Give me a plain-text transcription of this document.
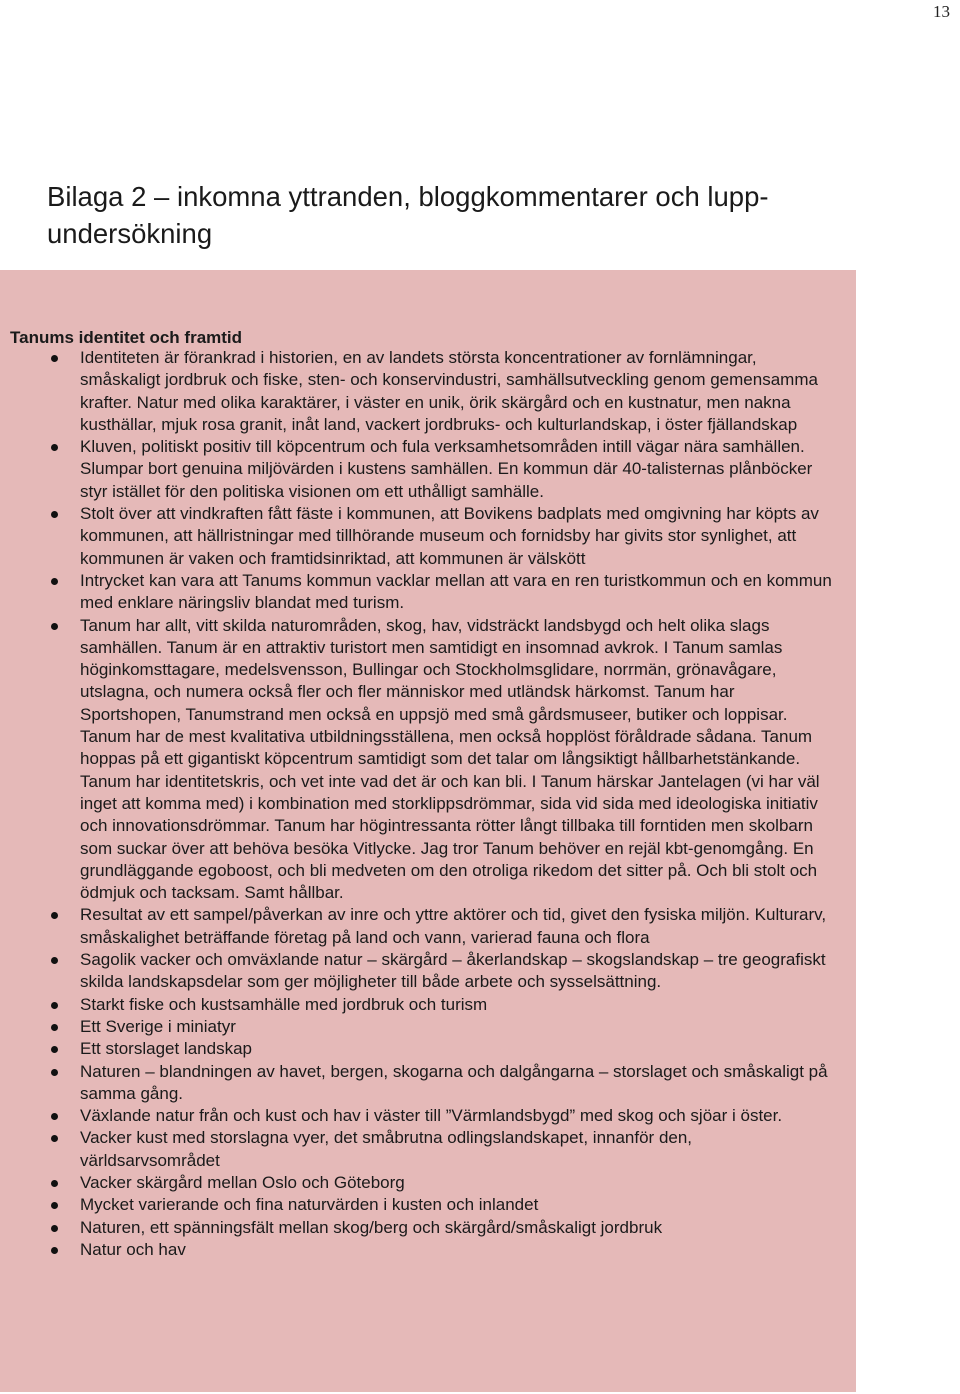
13
Bilaga 2 – inkomna yttranden, bloggkommentarer och lupp-undersökning
Tanums identitet och framtid
Identiteten är förankrad i historien, en av landets största koncentrationer av fornlämningar, småskaligt jordbruk och fiske, sten- och konservindustri, samhällsutveckling genom gemensamma krafter. Natur med olika karaktärer, i väster en unik, örik skärgård och en kustnatur, men nakna kusthällar, mjuk rosa granit, inåt land, vackert jordbruks- och kulturlandskap, i öster fjällandskap
Kluven, politiskt positiv till köpcentrum och fula verksamhetsområden intill vägar nära samhällen. Slumpar bort genuina miljövärden i kustens samhällen. En kommun där 40-talisternas plånböcker styr istället för den politiska visionen om ett uthålligt samhälle.
Stolt över att vindkraften fått fäste i kommunen, att Bovikens badplats med omgivning har köpts av kommunen, att hällristningar med tillhörande museum och fornidsby har givits stor synlighet, att kommunen är vaken och framtidsinriktad, att kommunen är välskött
Intrycket kan vara att Tanums kommun vacklar mellan att vara en ren turistkommun och en kommun med enklare näringsliv blandat med turism.
Tanum har allt, vitt skilda naturområden, skog, hav, vidsträckt landsbygd och helt olika slags samhällen. Tanum är en attraktiv turistort men samtidigt en insomnad avkrok. I Tanum samlas höginkomsttagare, medelsvensson, Bullingar och Stockholmsglidare, norrmän, grönavågare, utslagna, och numera också fler och fler människor med utländsk härkomst. Tanum har Sportshopen, Tanumstrand men också en uppsjö med små gårdsmuseer, butiker och loppisar. Tanum har de mest kvalitativa utbildningsställena, men också hopplöst föråldrade sådana. Tanum hoppas på ett gigantiskt köpcentrum samtidigt som det talar om långsiktigt hållbarhetstänkande. Tanum har identitetskris, och vet inte vad det är och kan bli. I Tanum härskar Jantelagen (vi har väl inget att komma med) i kombination med storklippsdrömmar, sida vid sida med ideologiska initiativ och innovationsdrömmar. Tanum har högintressanta rötter långt tillbaka till forntiden men skolbarn som suckar över att behöva besöka Vitlycke. Jag tror Tanum behöver en rejäl kbt-genomgång. En grundläggande egoboost, och bli medveten om den otroliga rikedom det sitter på. Och bli stolt och ödmjuk och tacksam. Samt hållbar.
Resultat av ett sampel/påverkan av inre och yttre aktörer och tid, givet den fysiska miljön. Kulturarv, småskalighet beträffande företag på land och vann, varierad fauna och flora
Sagolik vacker och omväxlande natur – skärgård – åkerlandskap – skogslandskap – tre geografiskt skilda landskapsdelar som ger möjligheter till både arbete och sysselsättning.
Starkt fiske och kustsamhälle med jordbruk och turism
Ett Sverige i miniatyr
Ett storslaget landskap
Naturen – blandningen av havet, bergen, skogarna och dalgångarna – storslaget och småskaligt på samma gång.
Växlande natur från och kust och hav i väster till ”Värmlandsbygd” med skog och sjöar i öster.
Vacker kust med storslagna vyer, det småbrutna odlingslandskapet, innanför den, världsarvsområdet
Vacker skärgård mellan Oslo och Göteborg
Mycket varierande och fina naturvärden i kusten och inlandet
Naturen, ett spänningsfält mellan skog/berg och skärgård/småskaligt jordbruk
Natur och hav
